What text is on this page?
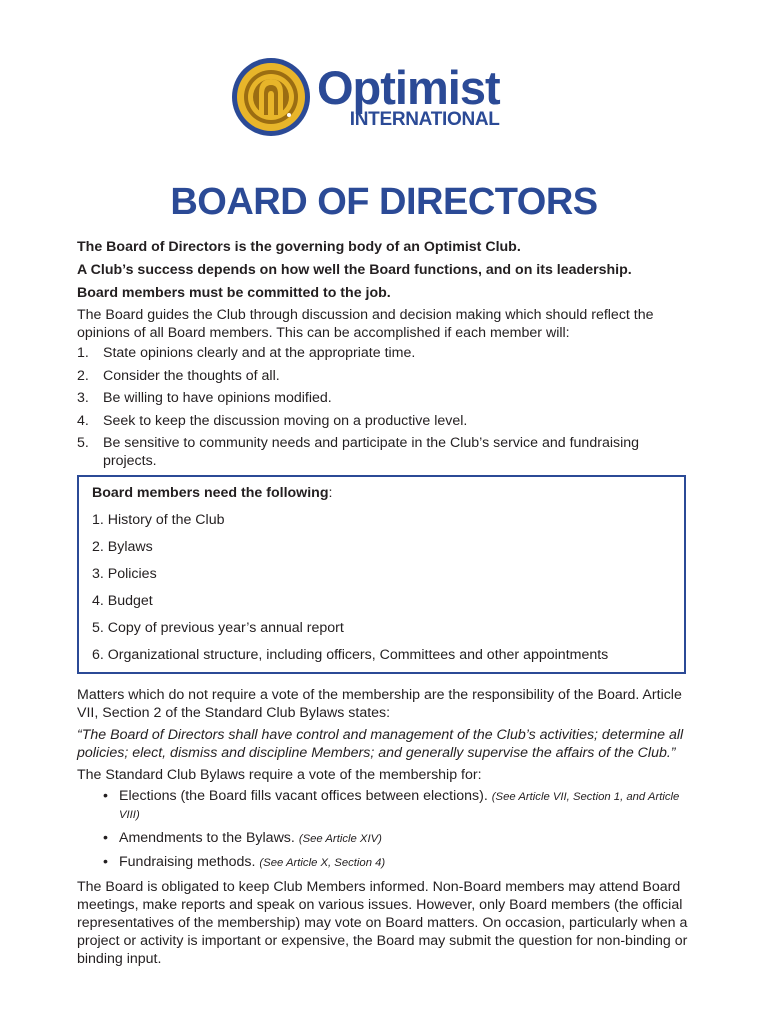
Optimist
INTERNATIONAL
BOARD OF DIRECTORS
The Board of Directors is the governing body of an Optimist Club.
A Club’s success depends on how well the Board functions, and on its leadership.
Board members must be committed to the job.
The Board guides the Club through discussion and decision making which should reflect the opinions of all Board members. This can be accomplished if each member will:
1. State opinions clearly and at the appropriate time.
2. Consider the thoughts of all.
3. Be willing to have opinions modified.
4. Seek to keep the discussion moving on a productive level.
5. Be sensitive to community needs and participate in the Club’s service and fundraising projects.
Board members need the following:
1. History of the Club
2. Bylaws
3. Policies
4. Budget
5. Copy of previous year’s annual report
6. Organizational structure, including officers, Committees and other appointments
Matters which do not require a vote of the membership are the responsibility of the Board. Article VII, Section 2 of the Standard Club Bylaws states:
“The Board of Directors shall have control and management of the Club’s activities; determine all policies; elect, dismiss and discipline Members; and generally supervise the affairs of the Club.”
The Standard Club Bylaws require a vote of the membership for:
• Elections (the Board fills vacant offices between elections). (See Article VII, Section 1, and Article VIII)
• Amendments to the Bylaws. (See Article XIV)
• Fundraising methods. (See Article X, Section 4)
The Board is obligated to keep Club Members informed. Non-Board members may attend Board meetings, make reports and speak on various issues. However, only Board members (the official representatives of the membership) may vote on Board matters. On occasion, particularly when a project or activity is important or expensive, the Board may submit the question for non-binding or binding input.
